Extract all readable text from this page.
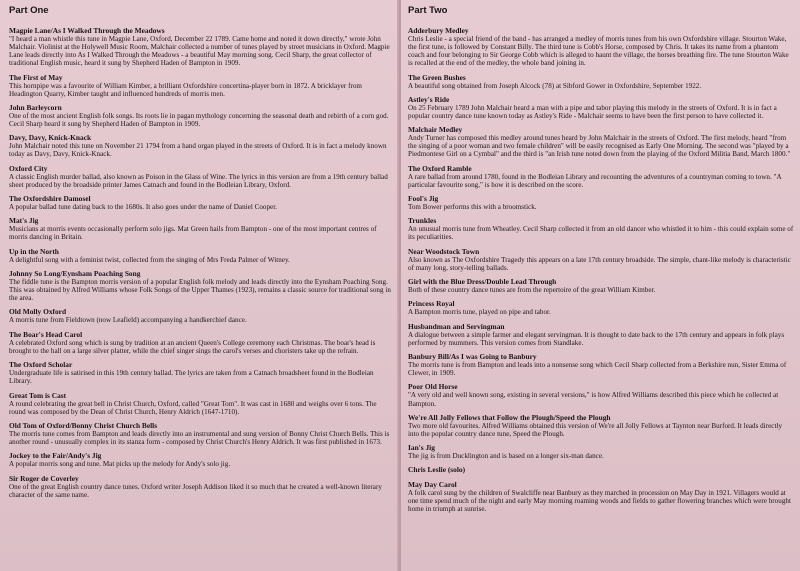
Part One
Magpie Lane/As I Walked Through the Meadows
"I heard a man whistle this tune in Magpie Lane, Oxford, December 22 1789. Came home and noted it down directly," wrote John Malchair. Violinist at the Holywell Music Room, Malchair collected a number of tunes played by street musicians in Oxford. Magpie Lane leads directly into As I Walked Through the Meadows - a beautiful May morning song. Cecil Sharp, the great collector of traditional English music, heard it sung by Shepherd Haden of Bampton in 1909.
The First of May
This hornpipe was a favourite of William Kimber, a brilliant Oxfordshire concertina-player born in 1872. A bricklayer from Headington Quarry, Kimber taught and influenced hundreds of morris men.
John Barleycorn
One of the most ancient English folk songs. Its roots lie in pagan mythology concerning the seasonal death and rebirth of a corn god. Cecil Sharp heard it sung by Shepherd Haden of Bampton in 1909.
Davy, Davy, Knick-Knack
John Malchair noted this tune on November 21 1794 from a hand organ played in the streets of Oxford. It is in fact a melody known today as Davy, Davy, Knick-Knack.
Oxford City
A classic English murder ballad, also known as Poison in the Glass of Wine. The lyrics in this version are from a 19th century ballad sheet produced by the broadside printer James Catnach and found in the Bodleian Library, Oxford.
The Oxfordshire Damosel
A popular ballad tune dating back to the 1680s. It also goes under the name of Daniel Cooper.
Mat's Jig
Musicians at morris events occasionally perform solo jigs. Mat Green hails from Bampton - one of the most important centres of morris dancing in Britain.
Up in the North
A delightful song with a feminist twist, collected from the singing of Mrs Freda Palmer of Witney.
Johnny So Long/Eynsham Poaching Song
The fiddle tune is the Bampton morris version of a popular English folk melody and leads directly into the Eynsham Poaching Song. This was obtained by Alfred Williams whose Folk Songs of the Upper Thames (1923), remains a classic source for traditional song in the area.
Old Molly Oxford
A morris tune from Fieldtown (now Leafield) accompanying a handkerchief dance.
The Boar's Head Carol
A celebrated Oxford song which is sung by tradition at an ancient Queen's College ceremony each Christmas. The boar's head is brought to the hall on a large silver platter, while the chief singer sings the carol's verses and choristers take up the refrain.
The Oxford Scholar
Undergraduate life is satirised in this 19th century ballad. The lyrics are taken from a Catnach broadsheet found in the Bodleian Library.
Great Tom is Cast
A round celebrating the great bell in Christ Church, Oxford, called "Great Tom". It was cast in 1680 and weighs over 6 tons. The round was composed by the Dean of Christ Church, Henry Aldrich (1647-1710).
Old Tom of Oxford/Bonny Christ Church Bells
The morris tune comes from Bampton and leads directly into an instrumental and sung version of Bonny Christ Church Bells. This is another round - unusually complex in its stanza form - composed by Christ Church's Henry Aldrich. It was first published in 1673.
Jockey to the Fair/Andy's Jig
A popular morris song and tune. Mat picks up the melody for Andy's solo jig.
Sir Roger de Coverley
One of the great English country dance tunes. Oxford writer Joseph Addison liked it so much that he created a well-known literary character of the same name.
Part Two
Adderbury Medley
Chris Leslie - a special friend of the band - has arranged a medley of morris tunes from his own Oxfordshire village. Stourton Wake, the first tune, is followed by Constant Billy. The third tune is Cobb's Horse, composed by Chris. It takes its name from a phantom coach and four belonging to Sir George Cobb which is alleged to haunt the village, the horses breathing fire. The tune Stourton Wake is recalled at the end of the medley, the whole band joining in.
The Green Bushes
A beautiful song obtained from Joseph Alcock (78) at Sibford Gower in Oxfordshire, September 1922.
Astley's Ride
On 25 February 1789 John Malchair heard a man with a pipe and tabor playing this melody in the streets of Oxford. It is in fact a popular country dance tune known today as Astley's Ride - Malchair seems to have been the first person to have collected it.
Malchair Medley
Andy Turner has composed this medley around tunes heard by John Malchair in the streets of Oxford. The first melody, heard "from the singing of a poor woman and two female children" will be easily recognised as Early One Morning. The second was "played by a Piedmontese Girl on a Cymbal" and the third is "an Irish tune noted down from the playing of the Oxford Militia Band, March 1800."
The Oxford Ramble
A rare ballad from around 1780, found in the Bodleian Library and recounting the adventures of a countryman coming to town. "A particular favourite song," is how it is described on the score.
Fool's Jig
Tom Bower performs this with a broomstick.
Trunkles
An unusual morris tune from Wheatley. Cecil Sharp collected it from an old dancer who whistled it to him - this could explain some of its peculiarities.
Near Woodstock Town
Also known as The Oxfordshire Tragedy this appears on a late 17th century broadside. The simple, chant-like melody is characteristic of many long, story-telling ballads.
Girl with the Blue Dress/Double Lead Through
Both of these country dance tunes are from the repertoire of the great William Kimber.
Princess Royal
A Bampton morris tune, played on pipe and tabor.
Husbandman and Servingman
A dialogue between a simple farmer and elegant servingman. It is thought to date back to the 17th century and appears in folk plays performed by mummers. This version comes from Standlake.
Banbury Bill/As I was Going to Banbury
The morris tune is from Bampton and leads into a nonsense song which Cecil Sharp collected from a Berkshire nun, Sister Emma of Clewer, in 1909.
Poor Old Horse
"A very old and well known song, existing in several versions," is how Alfred Williams described this piece which he collected at Bampton.
We're All Jolly Fellows that Follow the Plough/Speed the Plough
Two more old favourites. Alfred Williams obtained this version of We're all Jolly Fellows at Taynton near Burford. It leads directly into the popular country dance tune, Speed the Plough.
Ian's Jig
The jig is from Ducklington and is based on a longer six-man dance.
Chris Leslie (solo)
May Day Carol
A folk carol sung by the children of Swalcliffe near Banbury as they marched in procession on May Day in 1921. Villagers would at one time spend much of the night and early May morning roaming woods and fields to gather flowering branches which were brought home in triumph at sunrise.
